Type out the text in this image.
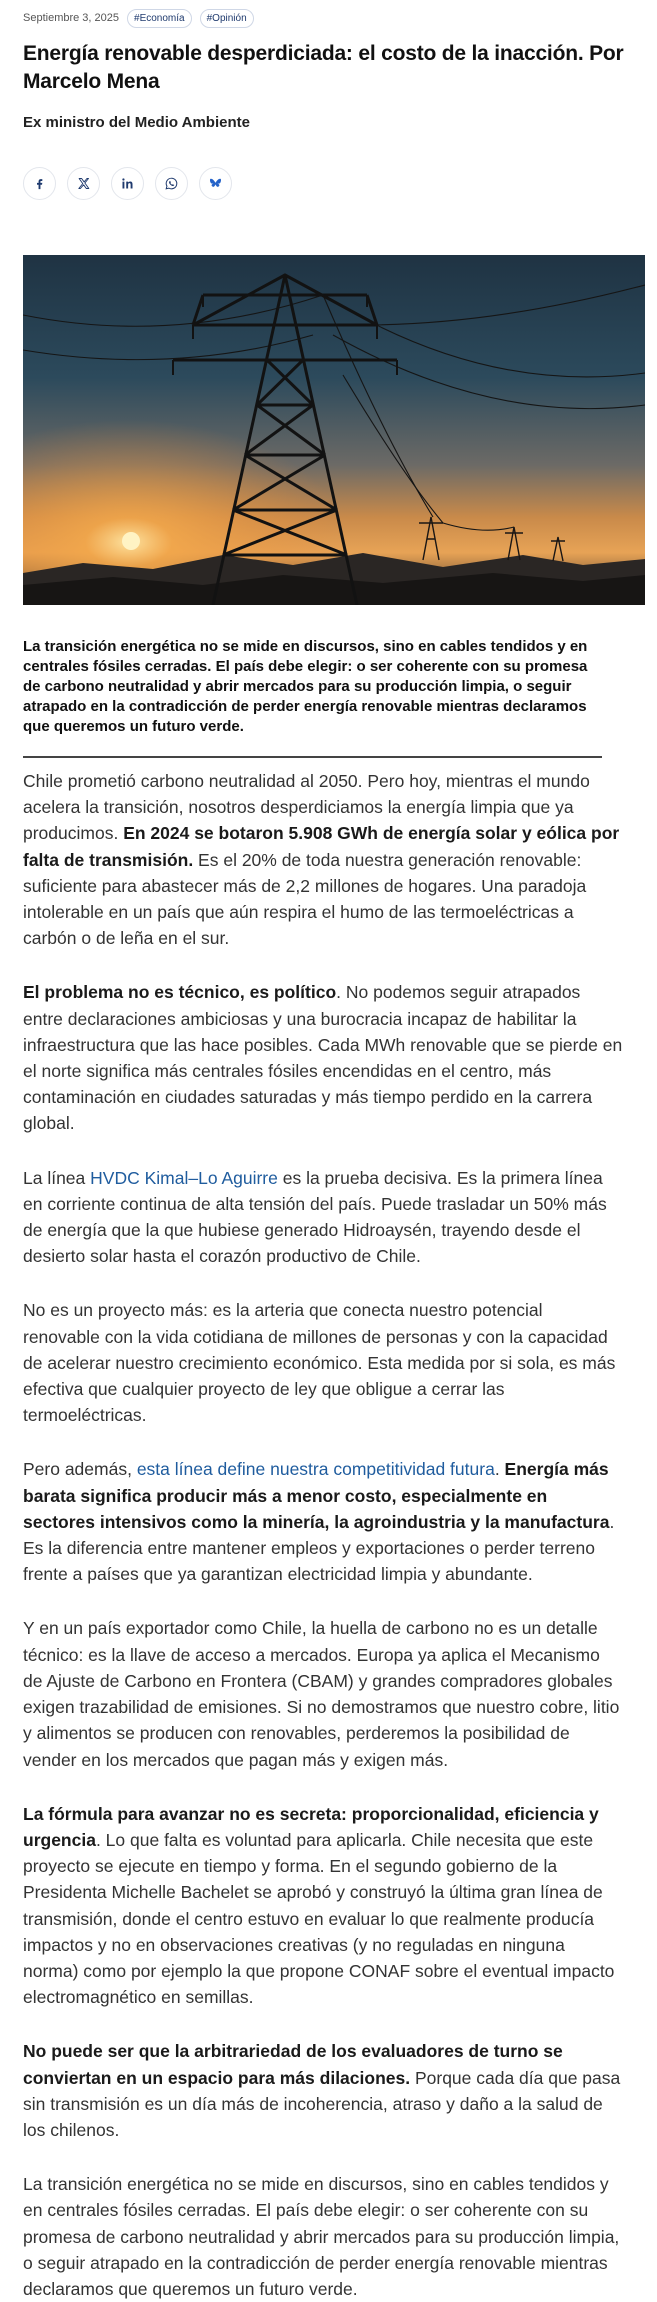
Septiembre 3, 2025	#Economía	#Opinión
Energía renovable desperdiciada: el costo de la inacción. Por Marcelo Mena
Ex ministro del Medio Ambiente
La transición energética no se mide en discursos, sino en cables tendidos y en centrales fósiles cerradas. El país debe elegir: o ser coherente con su promesa de carbono neutralidad y abrir mercados para su producción limpia, o seguir atrapado en la contradicción de perder energía renovable mientras declaramos que queremos un futuro verde.

Chile prometió carbono neutralidad al 2050. Pero hoy, mientras el mundo acelera la transición, nosotros desperdiciamos la energía limpia que ya producimos. En 2024 se botaron 5.908 GWh de energía solar y eólica por falta de transmisión. Es el 20% de toda nuestra generación renovable: suficiente para abastecer más de 2,2 millones de hogares. Una paradoja intolerable en un país que aún respira el humo de las termoeléctricas a carbón o de leña en el sur.

El problema no es técnico, es político. No podemos seguir atrapados entre declaraciones ambiciosas y una burocracia incapaz de habilitar la infraestructura que las hace posibles. Cada MWh renovable que se pierde en el norte significa más centrales fósiles encendidas en el centro, más contaminación en ciudades saturadas y más tiempo perdido en la carrera global.

La línea HVDC Kimal–Lo Aguirre es la prueba decisiva. Es la primera línea en corriente continua de alta tensión del país. Puede trasladar un 50% más de energía que la que hubiese generado Hidroaysén, trayendo desde el desierto solar hasta el corazón productivo de Chile.

No es un proyecto más: es la arteria que conecta nuestro potencial renovable con la vida cotidiana de millones de personas y con la capacidad de acelerar nuestro crecimiento económico. Esta medida por si sola, es más efectiva que cualquier proyecto de ley que obligue a cerrar las termoeléctricas.

Pero además, esta línea define nuestra competitividad futura. Energía más barata significa producir más a menor costo, especialmente en sectores intensivos como la minería, la agroindustria y la manufactura. Es la diferencia entre mantener empleos y exportaciones o perder terreno frente a países que ya garantizan electricidad limpia y abundante.

Y en un país exportador como Chile, la huella de carbono no es un detalle técnico: es la llave de acceso a mercados. Europa ya aplica el Mecanismo de Ajuste de Carbono en Frontera (CBAM) y grandes compradores globales exigen trazabilidad de emisiones. Si no demostramos que nuestro cobre, litio y alimentos se producen con renovables, perderemos la posibilidad de vender en los mercados que pagan más y exigen más.

La fórmula para avanzar no es secreta: proporcionalidad, eficiencia y urgencia. Lo que falta es voluntad para aplicarla. Chile necesita que este proyecto se ejecute en tiempo y forma. En el segundo gobierno de la Presidenta Michelle Bachelet se aprobó y construyó la última gran línea de transmisión, donde el centro estuvo en evaluar lo que realmente producía impactos y no en observaciones creativas (y no reguladas en ninguna norma) como por ejemplo la que propone CONAF sobre el eventual impacto electromagnético en semillas.

No puede ser que la arbitrariedad de los evaluadores de turno se conviertan en un espacio para más dilaciones. Porque cada día que pasa sin transmisión es un día más de incoherencia, atraso y daño a la salud de los chilenos.

La transición energética no se mide en discursos, sino en cables tendidos y en centrales fósiles cerradas. El país debe elegir: o ser coherente con su promesa de carbono neutralidad y abrir mercados para su producción limpia, o seguir atrapado en la contradicción de perder energía renovable mientras declaramos que queremos un futuro verde.
